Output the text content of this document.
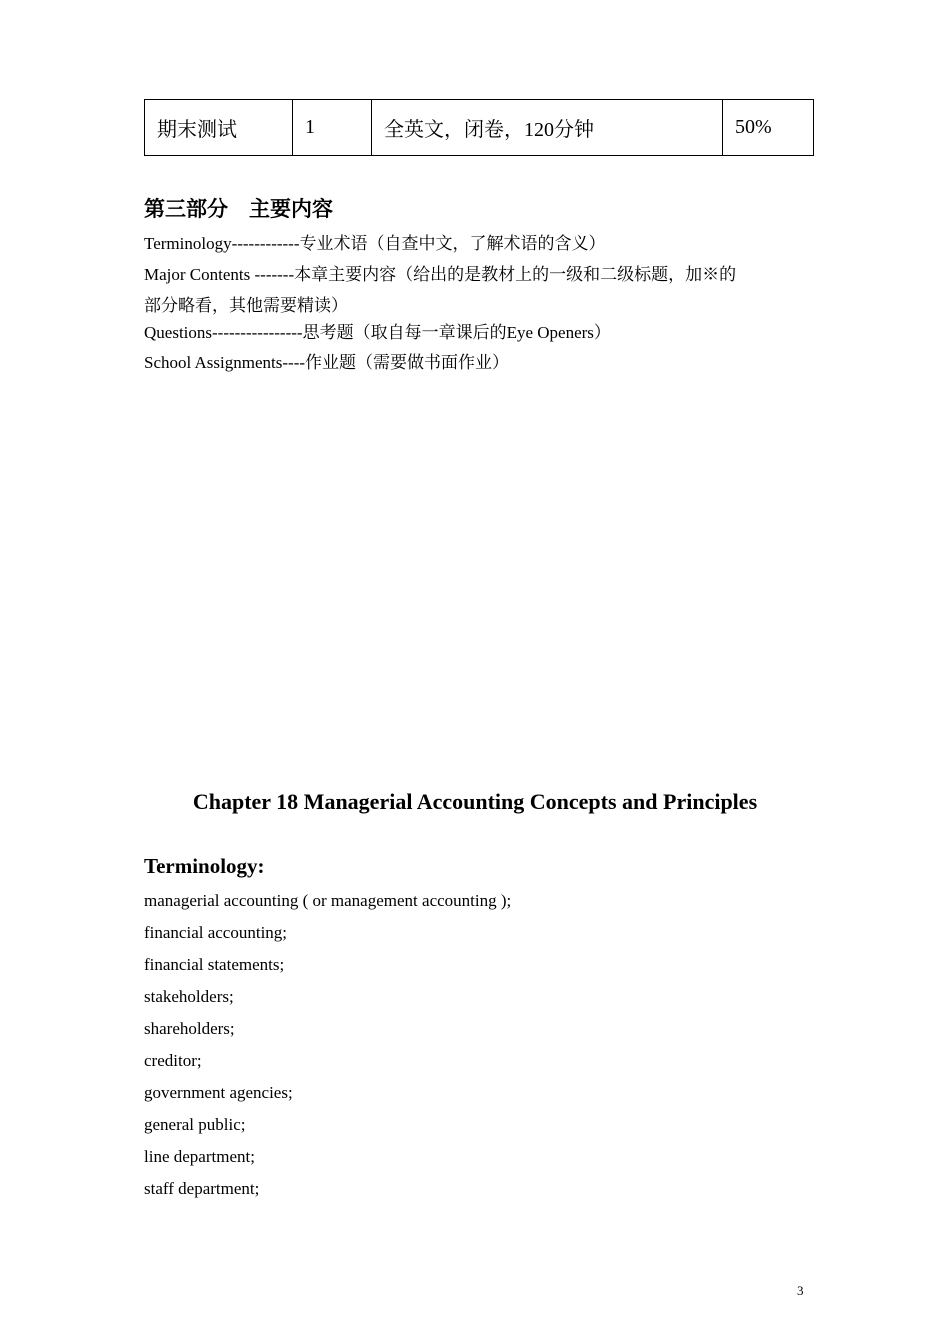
期末测试	1	全英文，闭卷，120分钟	50%
第三部分　主要内容
Terminology------------专业术语（自查中文，了解术语的含义）
Major Contents -------本章主要内容（给出的是教材上的一级和二级标题，加※的
部分略看，其他需要精读）
Questions----------------思考题（取自每一章课后的Eye Openers）
School Assignments----作业题（需要做书面作业）
Chapter 18 Managerial Accounting Concepts and Principles
Terminology:
managerial accounting ( or management accounting );
financial accounting;
financial statements;
stakeholders;
shareholders;
creditor;
government agencies;
general public;
line department;
staff department;
3
